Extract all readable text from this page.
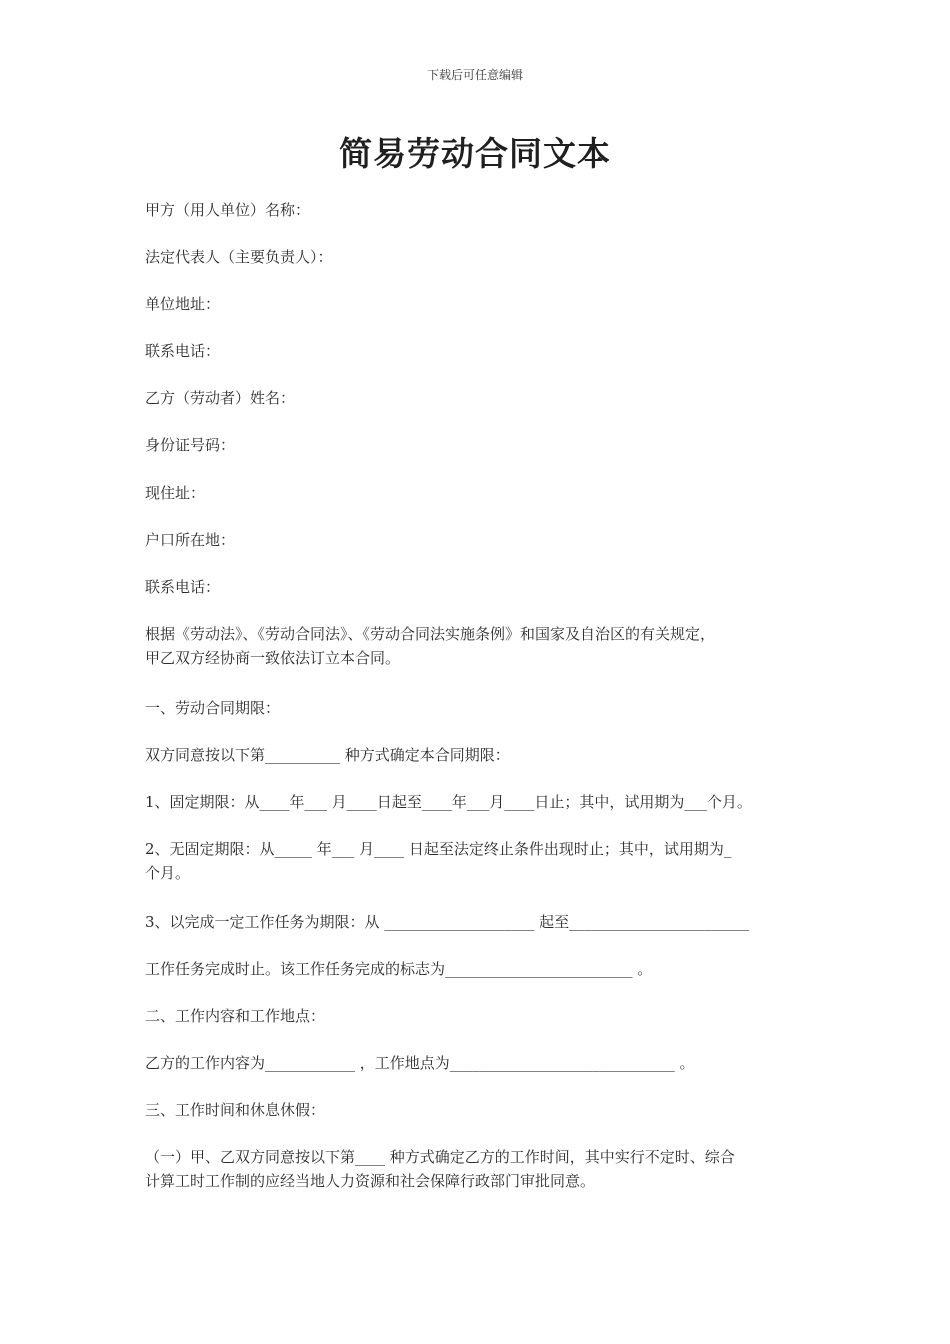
下载后可任意编辑
简易劳动合同文本
甲方（用人单位）名称：
法定代表人（主要负责人）：
单位地址：
联系电话：
乙方（劳动者）姓名：
身份证号码：
现住址：
户口所在地：
联系电话：
根据《劳动法》、《劳动合同法》、《劳动合同法实施条例》和国家及自治区的有关规定，
甲乙双方经协商一致依法订立本合同。
一、劳动合同期限：
双方同意按以下第__________ 种方式确定本合同期限：
1、固定期限：从____年___ 月____日起至____年___月____日止；其中，试用期为___个月。
2、无固定期限：从_____ 年___ 月____ 日起至法定终止条件出现时止；其中，试用期为_
个月。
3、以完成一定工作任务为期限：从 ____________________ 起至________________________
工作任务完成时止。该工作任务完成的标志为_________________________ 。
二、工作内容和工作地点：
乙方的工作内容为____________ ，工作地点为______________________________ 。
三、工作时间和休息休假：
（一）甲、乙双方同意按以下第____ 种方式确定乙方的工作时间，其中实行不定时、综合
计算工时工作制的应经当地人力资源和社会保障行政部门审批同意。
